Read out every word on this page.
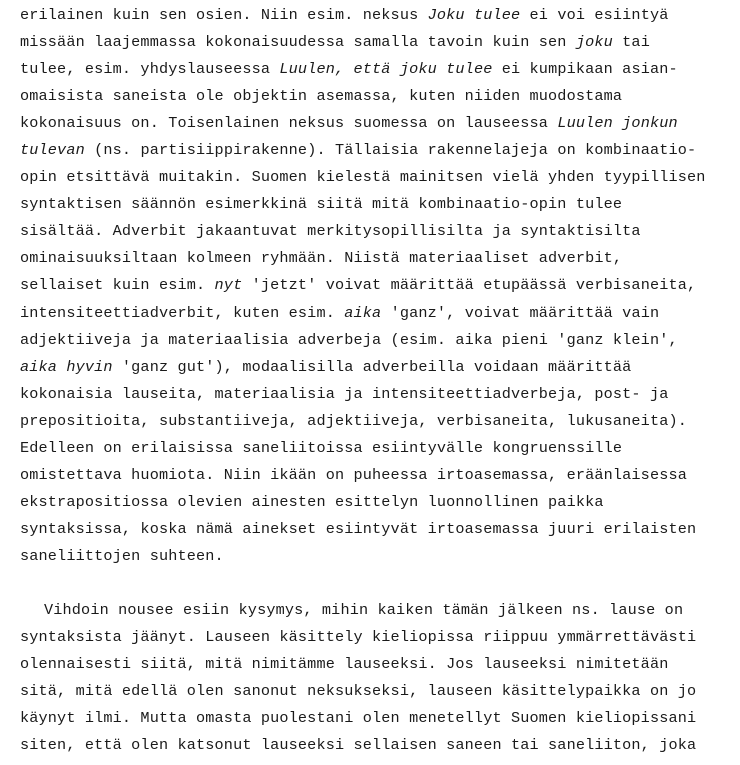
erilainen kuin sen osien. Niin esim. neksus Joku tulee ei voi esiintyä
missään laajemmassa kokonaisuudessa samalla tavoin kuin sen joku tai
tulee, esim. yhdyslauseessa Luulen, että joku tulee ei kumpikaan asian-
omaisista saneista ole objektin asemassa, kuten niiden muodostama
kokonaisuus on. Toisenlainen neksus suomessa on lauseessa Luulen jonkun
tulevan (ns. partisiippirakenne). Tällaisia rakennelajeja on kombinaatio-
opin etsittävä muitakin. Suomen kielestä mainitsen vielä yhden tyypillisen
syntaktisen säännön esimerkkinä siitä mitä kombinaatio-opin tulee
sisältää. Adverbit jakaantuvat merkitysopillisilta ja syntaktisilta
ominaisuuksiltaan kolmeen ryhmään. Niistä materiaaliset adverbit,
sellaiset kuin esim. nyt 'jetzt' voivat määrittää etupäässä verbisaneita,
intensiteettiadverbit, kuten esim. aika 'ganz', voivat määrittää vain
adjektiiveja ja materiaalisia adverbeja (esim. aika pieni 'ganz klein',
aika hyvin 'ganz gut'), modaalisilla adverbeilla voidaan määrittää
kokonaisia lauseita, materiaalisia ja intensiteettiadverbeja, post- ja
prepositioita, substantiiveja, adjektiiveja, verbisaneita, lukusaneita).
Edelleen on erilaisissa saneliitoissa esiintyvälle kongruenssille
omistettava huomiota. Niin ikään on puheessa irtoasemassa, eräänlaisessa
ekstrapositiossa olevien ainesten esittelyn luonnollinen paikka
syntaksissa, koska nämä ainekset esiintyvät irtoasemassa juuri erilaisten
saneliittojen suhteen.
Vihdoin nousee esiin kysymys, mihin kaiken tämän jälkeen ns. lause on
syntaksista jäänyt. Lauseen käsittely kieliopissa riippuu ymmärrettävästi
olennaisesti siitä, mitä nimitämme lauseeksi. Jos lauseeksi nimitetään
sitä, mitä edellä olen sanonut neksukseksi, lauseen käsittelypaikka on jo
käynyt ilmi. Mutta omasta puolestani olen menetellyt Suomen kieliopissani
siten, että olen katsonut lauseeksi sellaisen saneen tai saneliiton, joka
